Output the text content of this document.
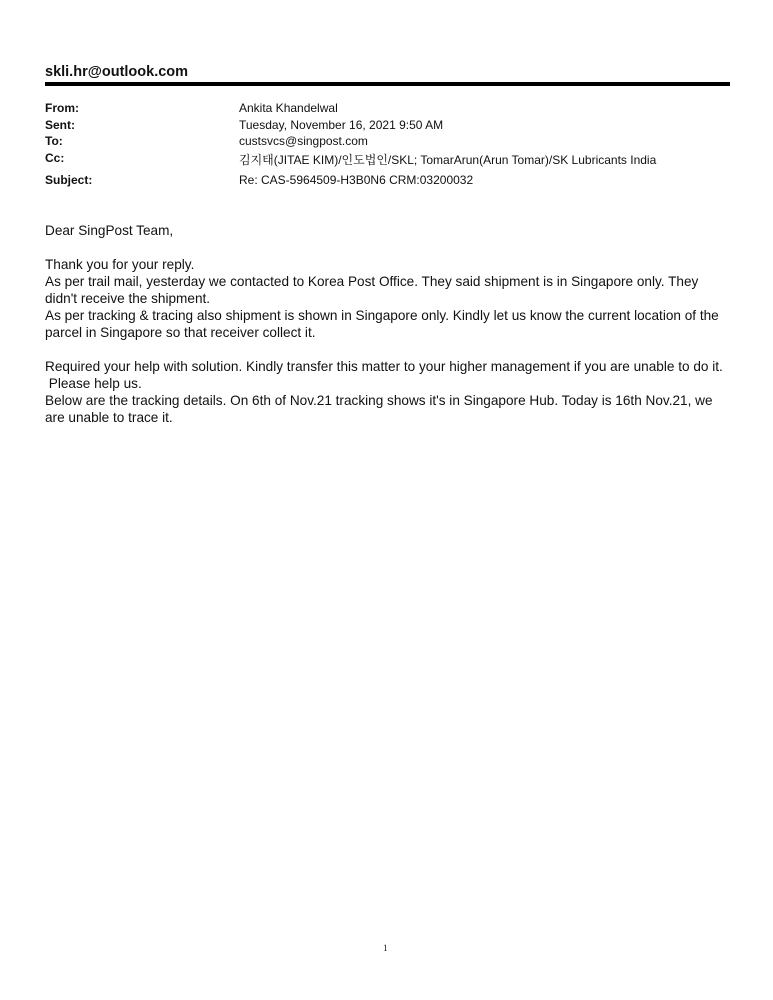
skli.hr@outlook.com
From:	Ankita Khandelwal
Sent:	Tuesday, November 16, 2021 9:50 AM
To:	custsvcs@singpost.com
Cc:	김지태(JITAE KIM)/인도법인/SKL; TomarArun(Arun Tomar)/SK Lubricants India
Subject:	Re: CAS-5964509-H3B0N6 CRM:03200032

Dear SingPost Team,

Thank you for your reply.

As per trail mail, yesterday we contacted to Korea Post Office. They said shipment is in Singapore only. They didn't receive the shipment.

As per tracking & tracing also shipment is shown in Singapore only. Kindly let us know the current location of the parcel in Singapore so that receiver collect it.

Required your help with solution. Kindly transfer this matter to your higher management if you are unable to do it.

Please help us.

Below are the tracking details. On 6th of Nov.21 tracking shows it's in Singapore Hub. Today is 16th Nov.21, we are unable to trace it.

1
